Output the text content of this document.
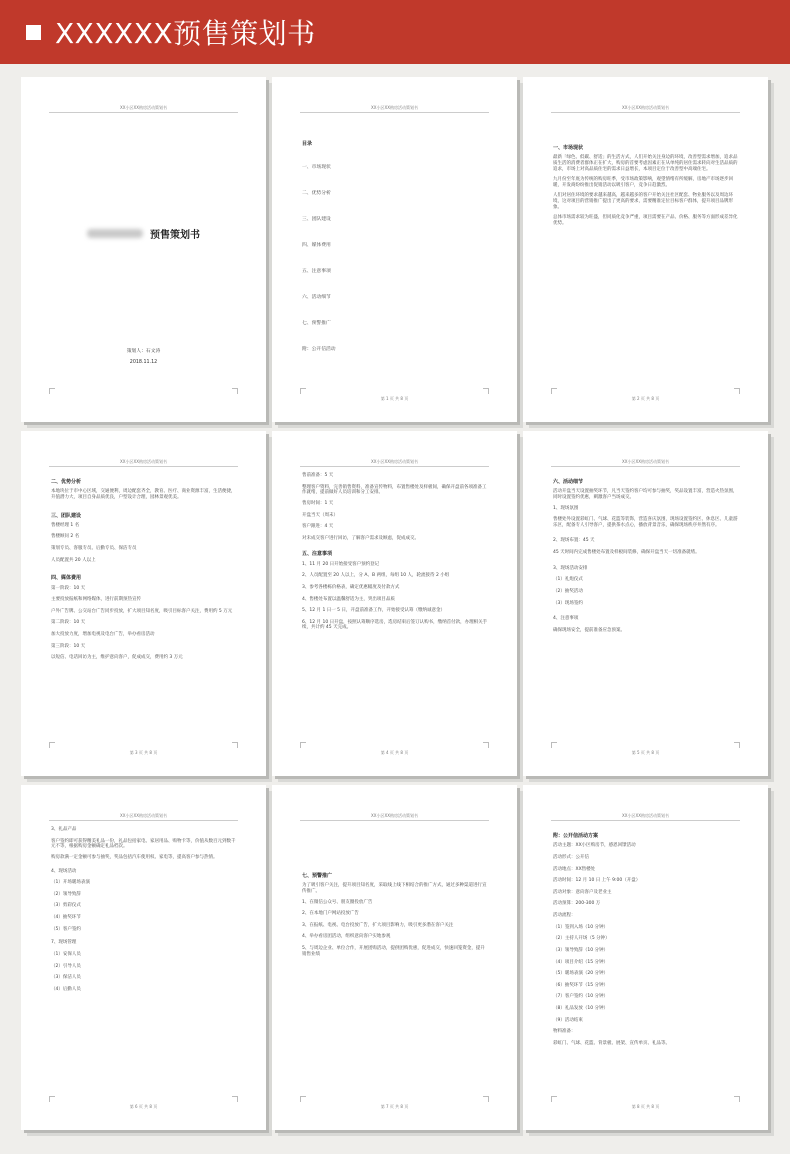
XXXXXX预售策划书
XX小区XX购房活动策划书
预售策划书
策划人：石文涛
2018.11.12
XX小区XX购房活动策划书
目录
一、市场现状
二、优势分析
三、团队建设
四、媒体费用
五、注意事项
六、活动细节
七、预警推广
附：公开信活动
第 1 页 共 8 页
XX小区XX购房活动策划书
一、市场现状
最新「绿色、低碳、舒适」的生活方式，人们开始关注身边的环境，改善型需求增加，追求品质生活的消费者群体正在扩大，购房的首要考虑因素正在从单纯的居住需求转向对生活品质的追求，市场上对高品质住宅的需求日益增长，本项目定位于改善型中高端住宅。
九月份至年底为传统的购房旺季，受市场政策影响，观望情绪有所缓解，房地产市场逐步回暖，开发商纷纷推出促销活动以吸引客户，竞争日趋激烈。
人们对居住环境的要求越来越高，越来越多的客户开始关注社区配套、物业服务以及周边环境，这对项目的营销推广提出了更高的要求，需要精准定位目标客户群体，提升项目品牌形象。
总体市场需求较为旺盛，但同质化竞争严重，项目需要在产品、价格、服务等方面形成差异化优势。
第 2 页 共 8 页
XX小区XX购房活动策划书
二、优势分析
本地块位于市中心区域，交通便利，周边配套齐全，教育、医疗、商业资源丰富，生活便捷，升值潜力大，项目自身品质优良，户型设计合理，园林景观优美。
三、团队建设
售楼经理 1 名
售楼顾问 2 名
策划专员、客服专员、后勤专员、保洁专员
人员配置共 20 人以上
四、媒体费用
第一阶段：10 天
主要投放报纸和网络媒体，进行前期预热宣传
户外广告牌、公交站台广告同步投放，扩大项目知名度，吸引目标客户关注，费用约 5 万元
第二阶段：10 天
加大投放力度，增加电视及电台广告，举办看房活动
第三阶段：10 天
以短信、电话回访为主，维护意向客户，促成成交，费用约 3 万元
第 3 页 共 8 页
XX小区XX购房活动策划书
售前准备：5 天
整理客户资料，完善销售资料，准备宣传物料，布置售楼处及样板间，确保开盘前各项准备工作就绪，提前做好人员培训和分工安排。
售房时间：1 天
开盘当天（周末）
客户跟进：4 天
对未成交客户进行回访，了解客户需求及顾虑，促成成交。
五、注意事项
1、11 月 20 日开始接受客户预约登记
2、人员配置至 20 人以上，分 A、B 两组，每组 10 人，轮流接待 2 小组
3、参考各楼栋价格表，确定优惠幅度及付款方式
4、售楼处布置以温馨舒适为主，突出项目品质
5、12 月 1 日一 5 日，开盘前准备工作，开始接受认筹（缴纳诚意金）
6、12 月 10 日开盘，按照认筹顺序选房，选房结束后签订认购书，缴纳首付款，办理相关手续，共计约 45 天完成。
第 4 页 共 8 页
XX小区XX购房活动策划书
六、活动细节
活动开盘当天设置抽奖环节，凡当天签约客户均可参与抽奖，奖品设置丰富，营造火热氛围，同时设置签约优惠，刺激客户当场成交。
1、现场氛围
售楼处外设置彩虹门、气球、花篮等装饰，营造喜庆氛围，现场设置签约区、休息区、儿童游乐区，配备专人引导客户，提供茶水点心，播放背景音乐，确保现场秩序井然有序。
2、现场布置：45 天
45 天时间内完成售楼处布置及样板间装修，确保开盘当天一切准备就绪。
3、现场活动安排
（1）礼炮仪式
（2）抽奖活动
（3）现场签约
4、注意事项
确保现场安全，提前准备应急预案。
第 5 页 共 8 页
XX小区XX购房活动策划书
3、礼品产品
客户签约即可获得精美礼品一份，礼品包括家电、家居用品、购物卡等，价值从数百元到数千元不等，根据购房金额确定礼品档次。
购房款满一定金额可参与抽奖，奖品包括汽车使用权、家电等，提高客户参与热情。
4、现场活动
（1）开场暖场表演
（2）领导致辞
（3）剪彩仪式
（4）抽奖环节
（5）客户签约
7、现场管理
（1）安保人员
（2）引导人员
（3）保洁人员
（4）后勤人员
第 6 页 共 8 页
XX小区XX购房活动策划书
七、预警推广
为了吸引客户关注，提升项目知名度，采取线上线下相结合的推广方式，通过多种渠道进行宣传推广。
1、在微信公众号、朋友圈投放广告
2、在本地门户网站投放广告
3、在报纸、电视、电台投放广告，扩大项目影响力，吸引更多潜在客户关注
4、举办看房团活动，组织意向客户实地参观
5、与周边企业、单位合作，开展团购活动，提供团购优惠，促进成交，快速回笼资金，提升销售业绩
第 7 页 共 8 页
XX小区XX购房活动策划书
附：公开信活动方案
活动主题：XX小区购房节，感恩回馈活动
活动形式：公开信
活动地点：XX售楼处
活动时间：12 月 10 日 上午 9:00（开盘）
活动对象：意向客户及老业主
活动预算：200-300 万
活动流程：
（1）签到入场（10 分钟）
（2）主持人开场（5 分钟）
（3）领导致辞（10 分钟）
（4）项目介绍（15 分钟）
（5）暖场表演（20 分钟）
（6）抽奖环节（15 分钟）
（7）客户签约（10 分钟）
（8）礼品发放（10 分钟）
（9）活动结束
物料准备：
彩虹门、气球、花篮、背景板、展架、宣传单页、礼品等。
第 8 页 共 8 页
